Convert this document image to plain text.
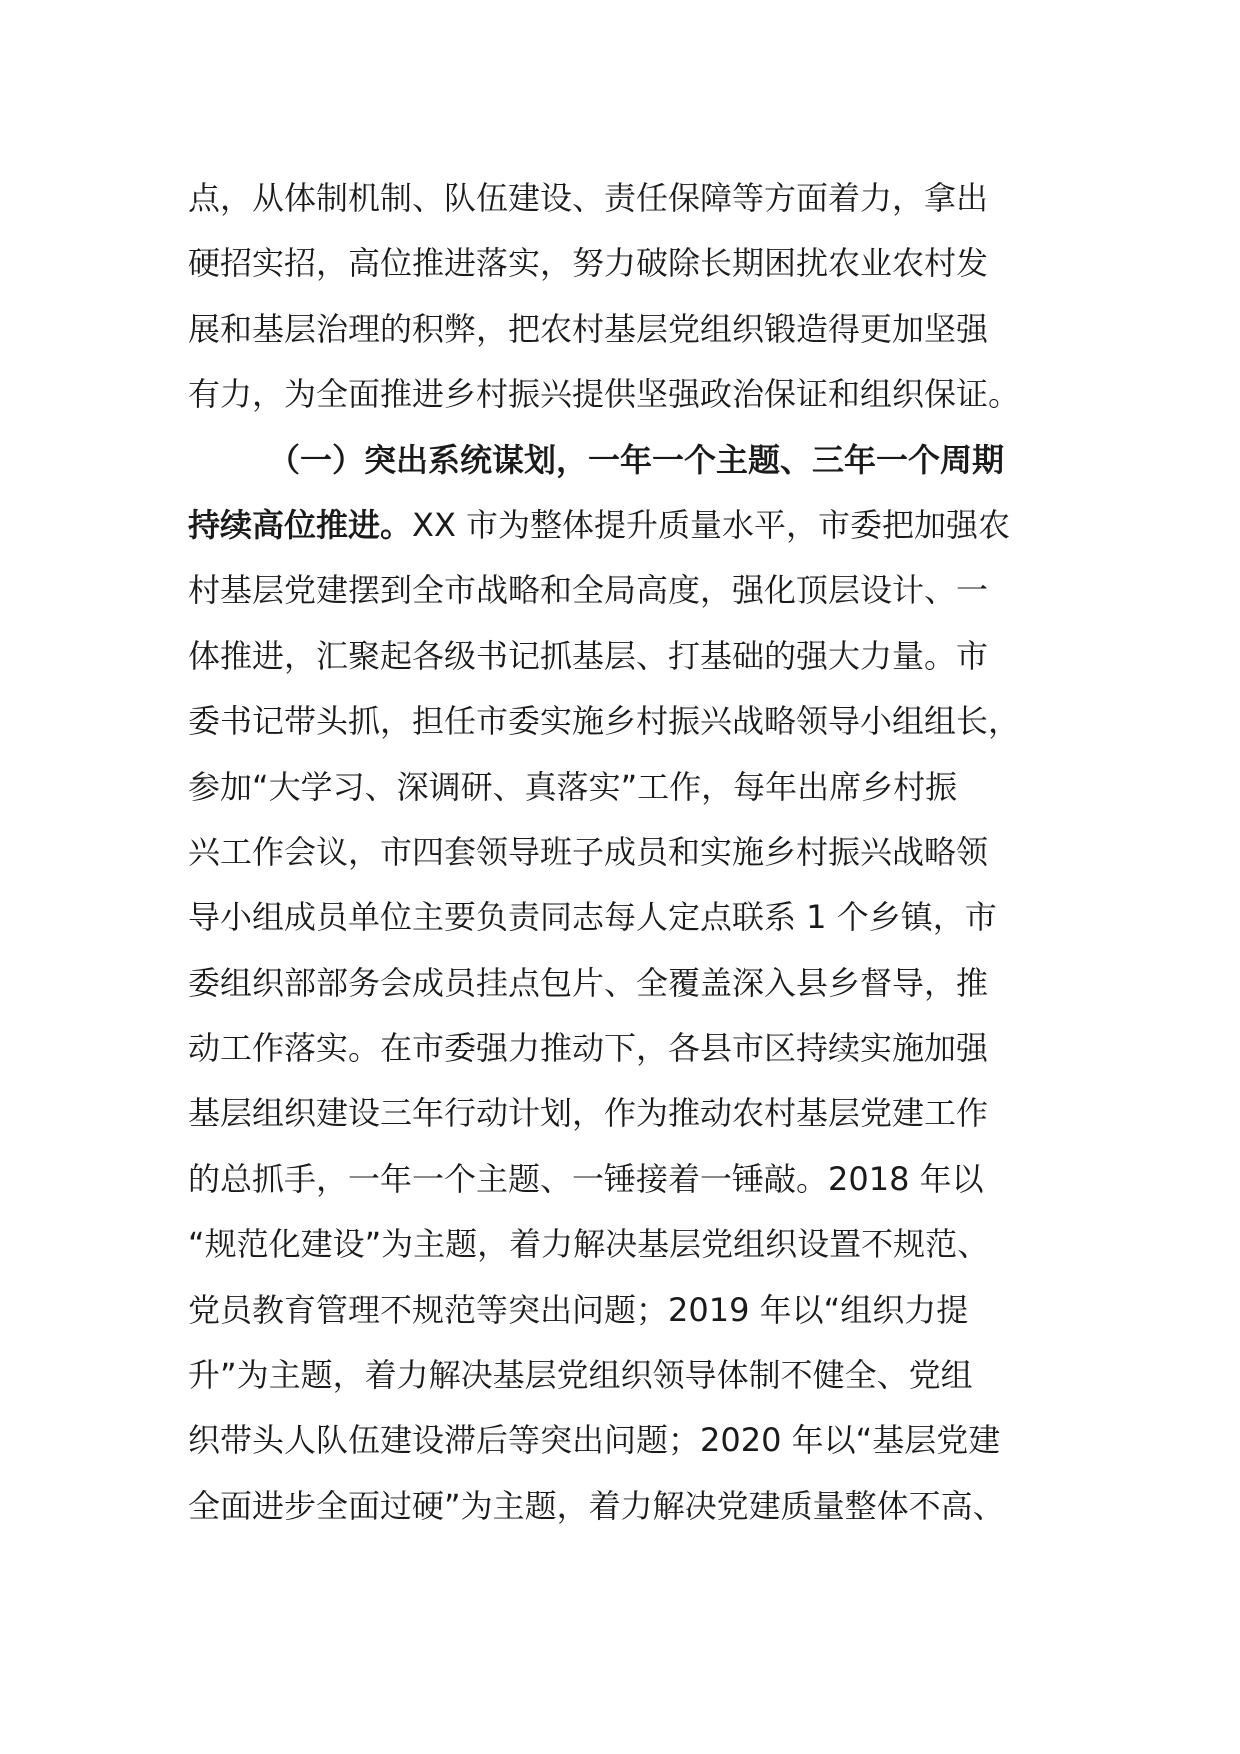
点，从体制机制、队伍建设、责任保障等方面着力，拿出
硬招实招，高位推进落实，努力破除长期困扰农业农村发
展和基层治理的积弊，把农村基层党组织锻造得更加坚强
有力，为全面推进乡村振兴提供坚强政治保证和组织保证。
（一）突出系统谋划，一年一个主题、三年一个周期
持续高位推进。XX 市为整体提升质量水平，市委把加强农
村基层党建摆到全市战略和全局高度，强化顶层设计、一
体推进，汇聚起各级书记抓基层、打基础的强大力量。市
委书记带头抓，担任市委实施乡村振兴战略领导小组组长，
参加“大学习、深调研、真落实”工作，每年出席乡村振
兴工作会议，市四套领导班子成员和实施乡村振兴战略领
导小组成员单位主要负责同志每人定点联系 1 个乡镇，市
委组织部部务会成员挂点包片、全覆盖深入县乡督导，推
动工作落实。在市委强力推动下，各县市区持续实施加强
基层组织建设三年行动计划，作为推动农村基层党建工作
的总抓手，一年一个主题、一锤接着一锤敲。2018 年以
“规范化建设”为主题，着力解决基层党组织设置不规范、
党员教育管理不规范等突出问题；2019 年以“组织力提
升”为主题，着力解决基层党组织领导体制不健全、党组
织带头人队伍建设滞后等突出问题；2020 年以“基层党建
全面进步全面过硬”为主题，着力解决党建质量整体不高、
